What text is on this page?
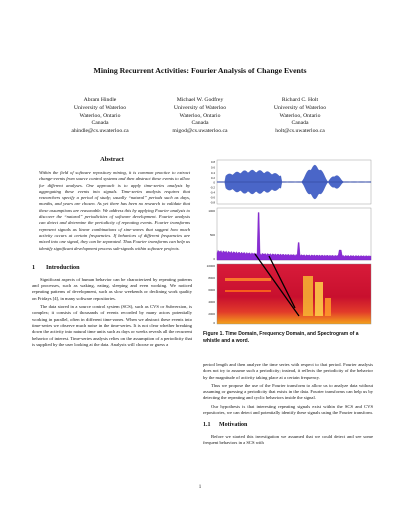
Mining Recurrent Activities: Fourier Analysis of Change Events
Abram Hindle
University of Waterloo
Waterloo, Ontario
Canada
ahindle@cs.uwaterloo.ca
Michael W. Godfrey
University of Waterloo
Waterloo, Ontario
Canada
migod@cs.uwaterloo.ca
Richard C. Holt
University of Waterloo
Waterloo, Ontario
Canada
holt@cs.uwaterloo.ca
Abstract
Within the field of software repository mining, it is common practice to extract change-events from source control systems and then abstract these events to allow for different analyses. One approach is to apply time-series analysis by aggregating these events into signals. Time-series analysis requires that researchers specify a period of study; usually “natural” periods such as days, months, and years are chosen. As yet there has been no research to validate that these assumptions are reasonable. We address this by applying Fourier analysis to discover the “natural” periodicities of software development. Fourier analysis can detect and determine the periodicity of repeating events. Fourier transforms represent signals as linear combinations of sine-waves that suggest how much activity occurs at certain frequencies. If behaviors of different frequencies are mixed into one signal, they can be separated. Thus Fourier transforms can help us identify significant development process sub-signals within software projects.
1 Introduction

Significant aspects of human behavior can be characterized by repeating patterns and processes, such as waking, eating, sleeping and even working. We noticed repeating patterns of development, such as slow weekends or declining work quality on Fridays [4], in many software repositories.

The data stored in a source control system (SCS), such as CVS or Subversion, is complex; it consists of thousands of events recorded by many actors potentially working in parallel, often in different time-zones. When we abstract these events into time-series we observe much noise in the time-series. It is not clear whether breaking down the activity into natural time units such as days or weeks reveals all the recurrent behavior of interest. Time-series analysis relies on the assumption of a periodicity that is supplied by the user looking at the data. Analysts will choose or guess a

0.8
0.6
0.4
0.2
0
-0.2
-0.4
-0.6
-0.8
1000
500
0
10000
8000
6000
4000
2000
0
Figure 1. Time Domain, Frequency Domain, and Spectrogram of a whistle and a word.

period length and then analyze the time series with respect to that period. Fourier analysis does not try to assume such a periodicity; instead, it reflects the periodicity of the behavior by the magnitude of activity taking place at a certain frequency.

Thus we propose the use of the Fourier transform to allow us to analyze data without assuming or guessing a periodicity that exists in the data. Fourier transforms can help us by detecting the repeating and cyclic behaviors inside the signal.

Our hypothesis is that interesting repeating signals exist within the SCS and CVS repositories, we can detect and potentially identify these signals using the Fourier transform.

1.1 Motivation

Before we started this investigation we assumed that we could detect and see some frequent behaviors in a SCS with

1
